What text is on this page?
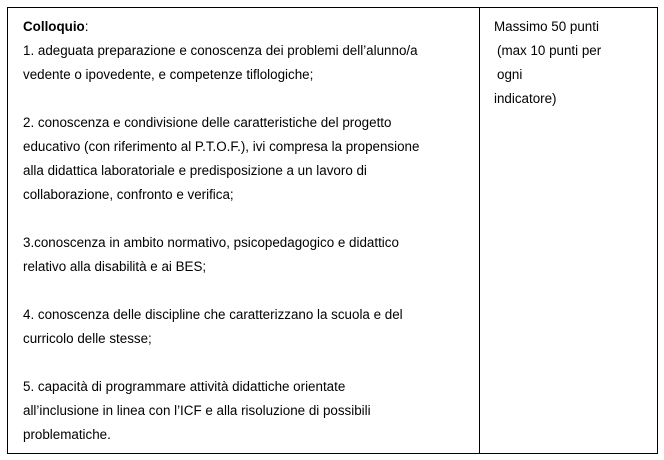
Colloquio:

1. adeguata preparazione e conoscenza dei problemi dell’alunno/a
vedente o ipovedente, e competenze tiflologiche;
2. conoscenza e condivisione delle caratteristiche del progetto
educativo (con riferimento al P.T.O.F.), ivi compresa la propensione
alla didattica laboratoriale e predisposizione a un lavoro di
collaborazione, confronto e verifica;
3.conoscenza in ambito normativo, psicopedagogico e didattico
relativo alla disabilità e ai BES;
4. conoscenza delle discipline che caratterizzano la scuola e del
curricolo delle stesse;
5. capacità di programmare attività didattiche orientate
all’inclusione in linea con l’ICF e alla risoluzione di possibili
problematiche.
Massimo 50 punti
(max 10 punti per
ogni
indicatore)
